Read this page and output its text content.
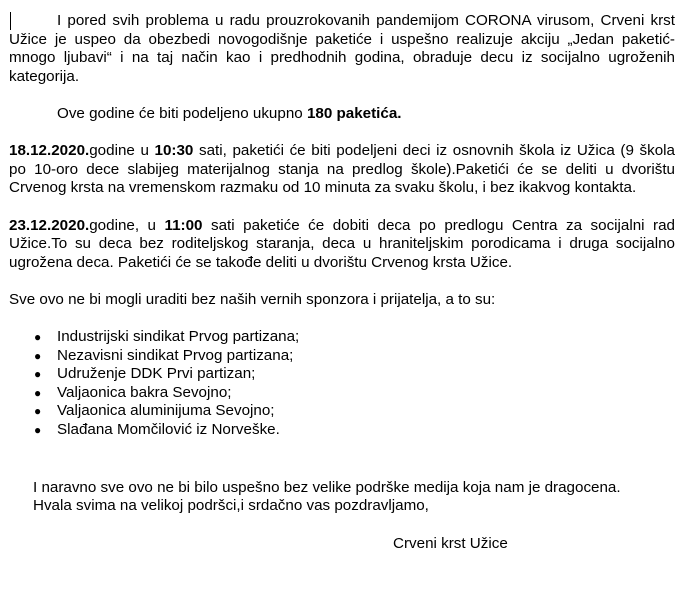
I pored svih problema u radu prouzrokovanih pandemijom CORONA virusom, Crveni krst Užice je uspeo da obezbedi novogodišnje paketiće i uspešno realizuje akciju „Jedan paketić- mnogo ljubavi“ i na taj način kao i predhodnih godina, obraduje decu iz socijalno ugroženih kategorija.

Ove godine će biti podeljeno ukupno 180 paketića.

18.12.2020.godine u 10:30 sati, paketići će biti podeljeni deci iz osnovnih škola iz Užica (9 škola po 10-oro dece slabijeg materijalnog stanja na predlog škole).Paketići će se deliti u dvorištu Crvenog krsta na vremenskom razmaku od 10 minuta za svaku školu, i bez ikakvog kontakta.

23.12.2020.godine, u 11:00 sati paketiće će dobiti deca po predlogu Centra za socijalni rad Užice.To su deca bez roditeljskog staranja, deca u hraniteljskim porodicama i druga socijalno ugrožena deca. Paketići će se takođe deliti u dvorištu Crvenog krsta Užice.

Sve ovo ne bi mogli uraditi bez naših vernih sponzora i prijatelja, a to su:

● Industrijski sindikat Prvog partizana;
● Nezavisni sindikat Prvog partizana;
● Udruženje DDK Prvi partizan;
● Valjaonica bakra Sevojno;
● Valjaonica aluminijuma Sevojno;
● Slađana Momčilović iz Norveške.

I naravno sve ovo ne bi bilo uspešno bez velike podrške medija koja nam je dragocena.

Hvala svima na velikoj podršci,i srdačno vas pozdravljamo,

Crveni krst Užice
